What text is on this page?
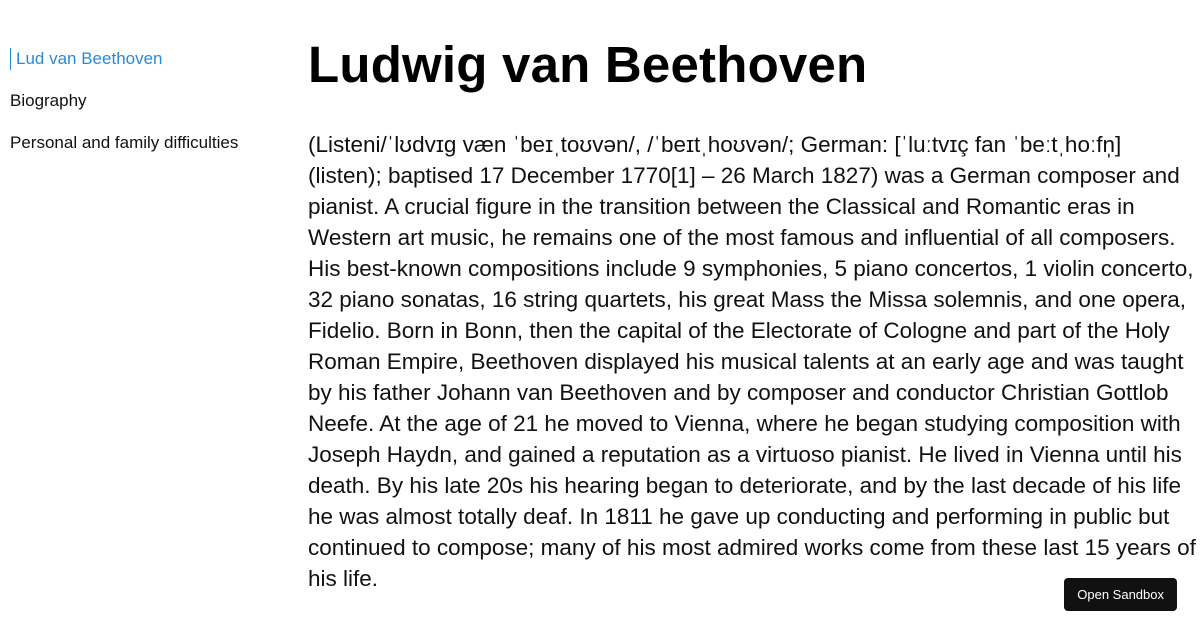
Lud van Beethoven
Biography
Personal and family difficulties
Ludwig van Beethoven

(Listeni/ˈlʊdvɪɡ væn ˈbeɪˌtoʊvən/, /ˈbeɪtˌhoʊvən/; German: [ˈluːtvɪç fan ˈbeːtˌhoːfn̩] (listen); baptised 17 December 1770[1] – 26 March 1827) was a German composer and pianist. A crucial figure in the transition between the Classical and Romantic eras in Western art music, he remains one of the most famous and influential of all composers. His best-known compositions include 9 symphonies, 5 piano concertos, 1 violin concerto, 32 piano sonatas, 16 string quartets, his great Mass the Missa solemnis, and one opera, Fidelio. Born in Bonn, then the capital of the Electorate of Cologne and part of the Holy Roman Empire, Beethoven displayed his musical talents at an early age and was taught by his father Johann van Beethoven and by composer and conductor Christian Gottlob Neefe. At the age of 21 he moved to Vienna, where he began studying composition with Joseph Haydn, and gained a reputation as a virtuoso pianist. He lived in Vienna until his death. By his late 20s his hearing began to deteriorate, and by the last decade of his life he was almost totally deaf. In 1811 he gave up conducting and performing in public but continued to compose; many of his most admired works come from these last 15 years of his life.

Open Sandbox
